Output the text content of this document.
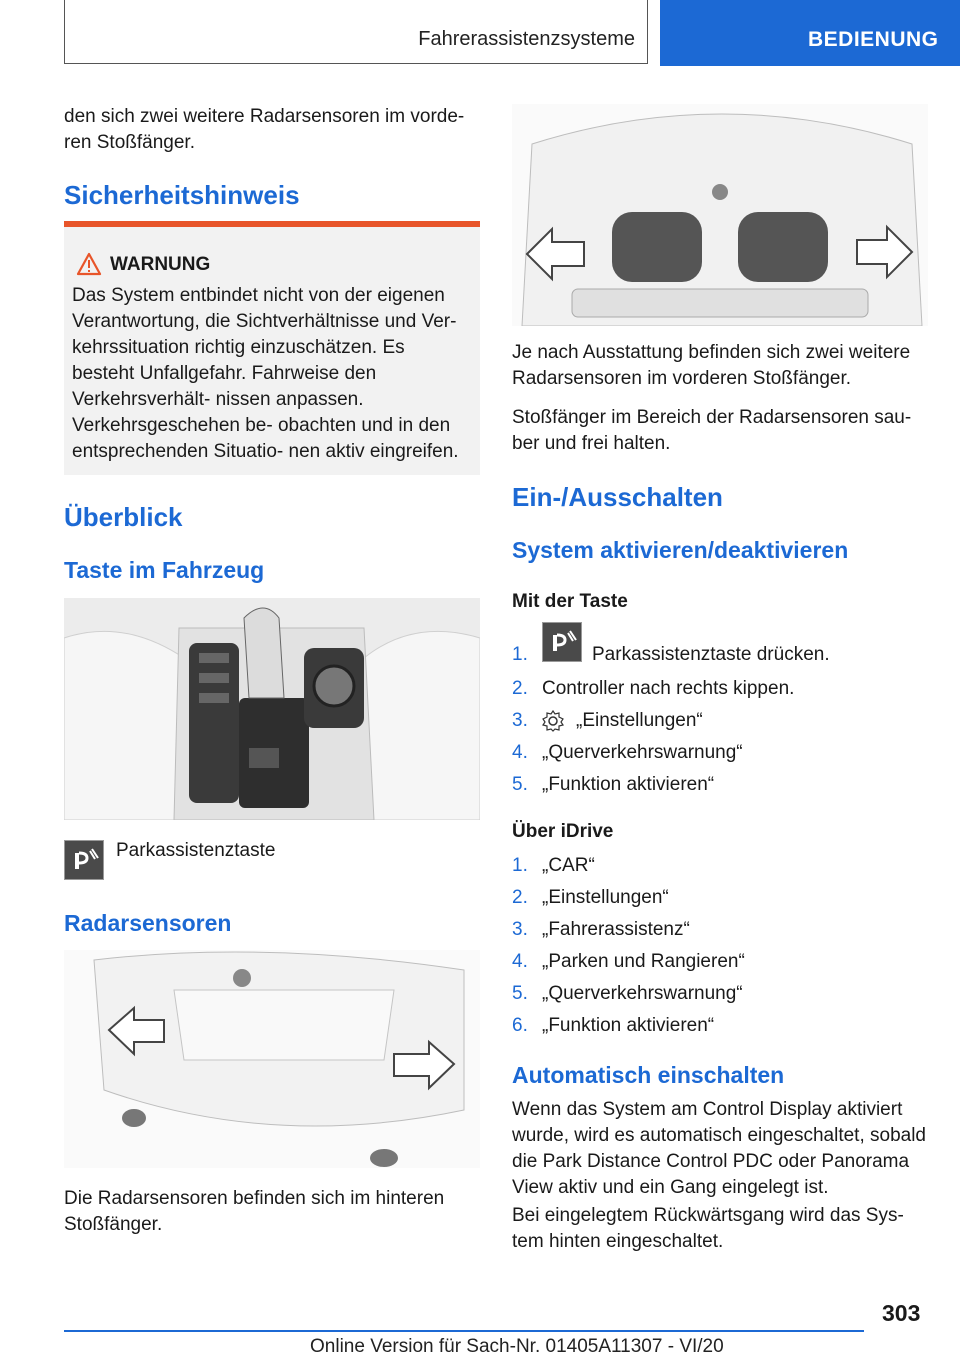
Fahrerassistenzsysteme	BEDIENUNG
den sich zwei weitere Radarsensoren im vorde-
ren Stoßfänger.
Sicherheitshinweis
WARNUNG
Das System entbindet nicht von der eigenen Verantwortung, die Sichtverhältnisse und Ver- kehrssituation richtig einzuschätzen. Es besteht Unfallgefahr. Fahrweise den Verkehrsverhält- nissen anpassen. Verkehrsgeschehen be- obachten und in den entsprechenden Situatio- nen aktiv eingreifen.
Überblick
Taste im Fahrzeug
Parkassistenztaste
Radarsensoren
Die Radarsensoren befinden sich im hinteren Stoßfänger.
Je nach Ausstattung befinden sich zwei weitere Radarsensoren im vorderen Stoßfänger.
Stoßfänger im Bereich der Radarsensoren sau- ber und frei halten.
Ein-/Ausschalten
System aktivieren/deaktivieren
Mit der Taste
1.	Parkassistenztaste drücken.
2. Controller nach rechts kippen.
3.	„Einstellungen“
4. „Querverkehrswarnung“
5. „Funktion aktivieren“
Über iDrive
1. „CAR“
2. „Einstellungen“
3. „Fahrerassistenz“
4. „Parken und Rangieren“
5. „Querverkehrswarnung“
6. „Funktion aktivieren“
Automatisch einschalten
Wenn das System am Control Display aktiviert wurde, wird es automatisch eingeschaltet, sobald die Park Distance Control PDC oder Panorama View aktiv und ein Gang eingelegt ist.
Bei eingelegtem Rückwärtsgang wird das Sys- tem hinten eingeschaltet.
303
Online Version für Sach-Nr. 01405A11307 - VI/20
